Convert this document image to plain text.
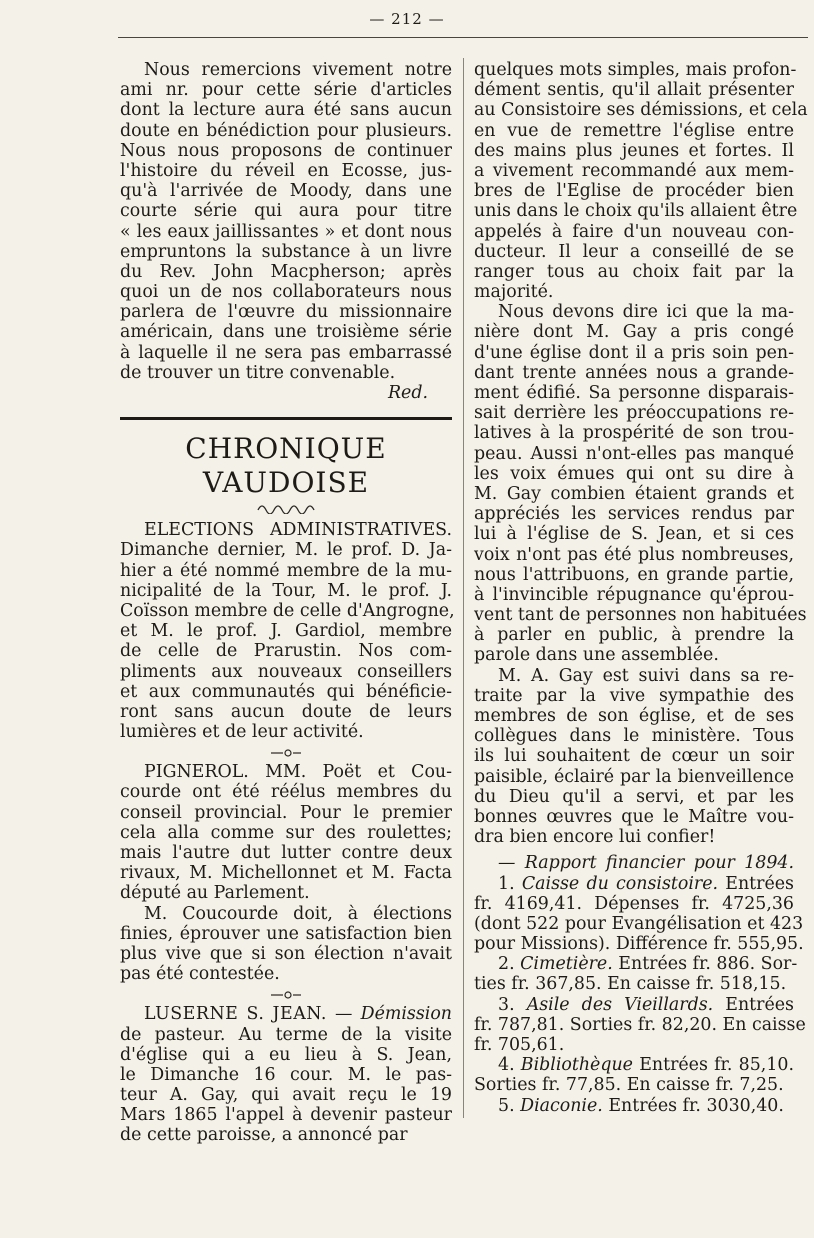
— 212 —
Nous remercions vivement notre
ami nr. pour cette série d'articles
dont la lecture aura été sans aucun
doute en bénédiction pour plusieurs.
Nous nous proposons de continuer
l'histoire du réveil en Ecosse, jus-
qu'à l'arrivée de Moody, dans une
courte série qui aura pour titre
« les eaux jaillissantes » et dont nous
empruntons la substance à un livre
du Rev. John Macpherson; après
quoi un de nos collaborateurs nous
parlera de l'œuvre du missionnaire
américain, dans une troisième série
à laquelle il ne sera pas embarrassé
de trouver un titre convenable.
Red.
CHRONIQUE VAUDOISE
ELECTIONS ADMINISTRATIVES.
Dimanche dernier, M. le prof. D. Ja-
hier a été nommé membre de la mu-
nicipalité de la Tour, M. le prof. J.
Coïsson membre de celle d'Angrogne,
et M. le prof. J. Gardiol, membre
de celle de Prarustin. Nos com-
pliments aux nouveaux conseillers
et aux communautés qui bénéficie-
ront sans aucun doute de leurs
lumières et de leur activité.
PIGNEROL. MM. Poët et Cou-
courde ont été réélus membres du
conseil provincial. Pour le premier
cela alla comme sur des roulettes;
mais l'autre dut lutter contre deux
rivaux, M. Michellonnet et M. Facta
député au Parlement.
M. Coucourde doit, à élections
finies, éprouver une satisfaction bien
plus vive que si son élection n'avait
pas été contestée.
LUSERNE S. JEAN. — Démission
de pasteur. Au terme de la visite
d'église qui a eu lieu à S. Jean,
le Dimanche 16 cour. M. le pas-
teur A. Gay, qui avait reçu le 19
Mars 1865 l'appel à devenir pasteur
de cette paroisse, a annoncé par
quelques mots simples, mais profon-
dément sentis, qu'il allait présenter
au Consistoire ses démissions, et cela
en vue de remettre l'église entre
des mains plus jeunes et fortes. Il
a vivement recommandé aux mem-
bres de l'Eglise de procéder bien
unis dans le choix qu'ils allaient être
appelés à faire d'un nouveau con-
ducteur. Il leur a conseillé de se
ranger tous au choix fait par la
majorité.
Nous devons dire ici que la ma-
nière dont M. Gay a pris congé
d'une église dont il a pris soin pen-
dant trente années nous a grande-
ment édifié. Sa personne disparais-
sait derrière les préoccupations re-
latives à la prospérité de son trou-
peau. Aussi n'ont-elles pas manqué
les voix émues qui ont su dire à
M. Gay combien étaient grands et
appréciés les services rendus par
lui à l'église de S. Jean, et si ces
voix n'ont pas été plus nombreuses,
nous l'attribuons, en grande partie,
à l'invincible répugnance qu'éprou-
vent tant de personnes non habituées
à parler en public, à prendre la
parole dans une assemblée.
M. A. Gay est suivi dans sa re-
traite par la vive sympathie des
membres de son église, et de ses
collègues dans le ministère. Tous
ils lui souhaitent de cœur un soir
paisible, éclairé par la bienveillence
du Dieu qu'il a servi, et par les
bonnes œuvres que le Maître vou-
dra bien encore lui confier!
— Rapport financier pour 1894.
1. Caisse du consistoire. Entrées
fr. 4169,41. Dépenses fr. 4725,36
(dont 522 pour Evangélisation et 423
pour Missions). Différence fr. 555,95.
2. Cimetière. Entrées fr. 886. Sor-
ties fr. 367,85. En caisse fr. 518,15.
3. Asile des Vieillards. Entrées
fr. 787,81. Sorties fr. 82,20. En caisse
fr. 705,61.
4. Bibliothèque Entrées fr. 85,10.
Sorties fr. 77,85. En caisse fr. 7,25.
5. Diaconie. Entrées fr. 3030,40.
